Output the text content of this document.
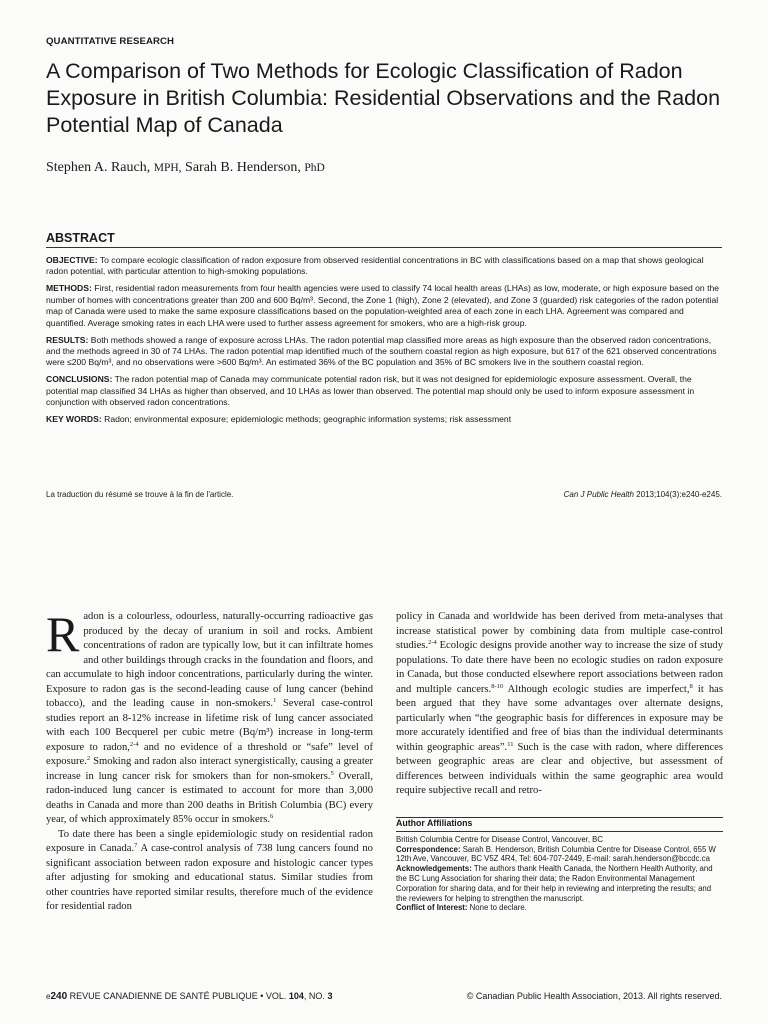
QUANTITATIVE RESEARCH
A Comparison of Two Methods for Ecologic Classification of Radon Exposure in British Columbia: Residential Observations and the Radon Potential Map of Canada
Stephen A. Rauch, MPH, Sarah B. Henderson, PhD
ABSTRACT

OBJECTIVE: To compare ecologic classification of radon exposure from observed residential concentrations in BC with classifications based on a map that shows geological radon potential, with particular attention to high-smoking populations.

METHODS: First, residential radon measurements from four health agencies were used to classify 74 local health areas (LHAs) as low, moderate, or high exposure based on the number of homes with concentrations greater than 200 and 600 Bq/m³. Second, the Zone 1 (high), Zone 2 (elevated), and Zone 3 (guarded) risk categories of the radon potential map of Canada were used to make the same exposure classifications based on the population-weighted area of each zone in each LHA. Agreement was compared and quantified. Average smoking rates in each LHA were used to further assess agreement for smokers, who are a high-risk group.

RESULTS: Both methods showed a range of exposure across LHAs. The radon potential map classified more areas as high exposure than the observed radon concentrations, and the methods agreed in 30 of 74 LHAs. The radon potential map identified much of the southern coastal region as high exposure, but 617 of the 621 observed concentrations were ≤200 Bq/m³, and no observations were >600 Bq/m³. An estimated 36% of the BC population and 35% of BC smokers live in the southern coastal region.

CONCLUSIONS: The radon potential map of Canada may communicate potential radon risk, but it was not designed for epidemiologic exposure assessment. Overall, the potential map classified 34 LHAs as higher than observed, and 10 LHAs as lower than observed. The potential map should only be used to inform exposure assessment in conjunction with observed radon concentrations.

KEY WORDS: Radon; environmental exposure; epidemiologic methods; geographic information systems; risk assessment

La traduction du résumé se trouve à la fin de l'article.	Can J Public Health 2013;104(3):e240-e245.

Radon is a colourless, odourless, naturally-occurring radioactive gas produced by the decay of uranium in soil and rocks. Ambient concentrations of radon are typically low, but it can infiltrate homes and other buildings through cracks in the foundation and floors, and can accumulate to high indoor concentrations, particularly during the winter. Exposure to radon gas is the second-leading cause of lung cancer (behind tobacco), and the leading cause in non-smokers.$^1$ Several case-control studies report an 8-12% increase in lifetime risk of lung cancer associated with each 100 Becquerel per cubic metre (Bq/m³) increase in long-term exposure to radon,$^{2-4}$ and no evidence of a threshold or “safe” level of exposure.$^2$ Smoking and radon also interact synergistically, causing a greater increase in lung cancer risk for smokers than for non-smokers.$^5$ Overall, radon-induced lung cancer is estimated to account for more than 3,000 deaths in Canada and more than 200 deaths in British Columbia (BC) every year, of which approximately 85% occur in smokers.$^6$

To date there has been a single epidemiologic study on residential radon exposure in Canada.$^7$ A case-control analysis of 738 lung cancers found no significant association between radon exposure and histologic cancer types after adjusting for smoking and educational status. Similar studies from other countries have reported similar results, therefore much of the evidence for residential radon

policy in Canada and worldwide has been derived from meta-analyses that increase statistical power by combining data from multiple case-control studies.$^{2-4}$ Ecologic designs provide another way to increase the size of study populations. To date there have been no ecologic studies on radon exposure in Canada, but those conducted elsewhere report associations between radon and multiple cancers.$^{8-10}$ Although ecologic studies are imperfect,$^8$ it has been argued that they have some advantages over alternate designs, particularly when “the geographic basis for differences in exposure may be more accurately identified and free of bias than the individual determinants within geographic areas”.$^{11}$ Such is the case with radon, where differences between geographic areas are clear and objective, but assessment of differences between individuals within the same geographic area would require subjective recall and retro-

Author Affiliations

British Columbia Centre for Disease Control, Vancouver, BC

Correspondence: Sarah B. Henderson, British Columbia Centre for Disease Control, 655 W 12th Ave, Vancouver, BC V5Z 4R4, Tel: 604-707-2449, E-mail: sarah.henderson@bccdc.ca

Acknowledgements: The authors thank Health Canada, the Northern Health Authority, and the BC Lung Association for sharing their data; the Radon Environmental Management Corporation for sharing data, and for their help in reviewing and interpreting the results; and the reviewers for helping to strengthen the manuscript.

Conflict of Interest: None to declare.

e240 REVUE CANADIENNE DE SANTÉ PUBLIQUE • VOL. 104, NO. 3	© Canadian Public Health Association, 2013. All rights reserved.
